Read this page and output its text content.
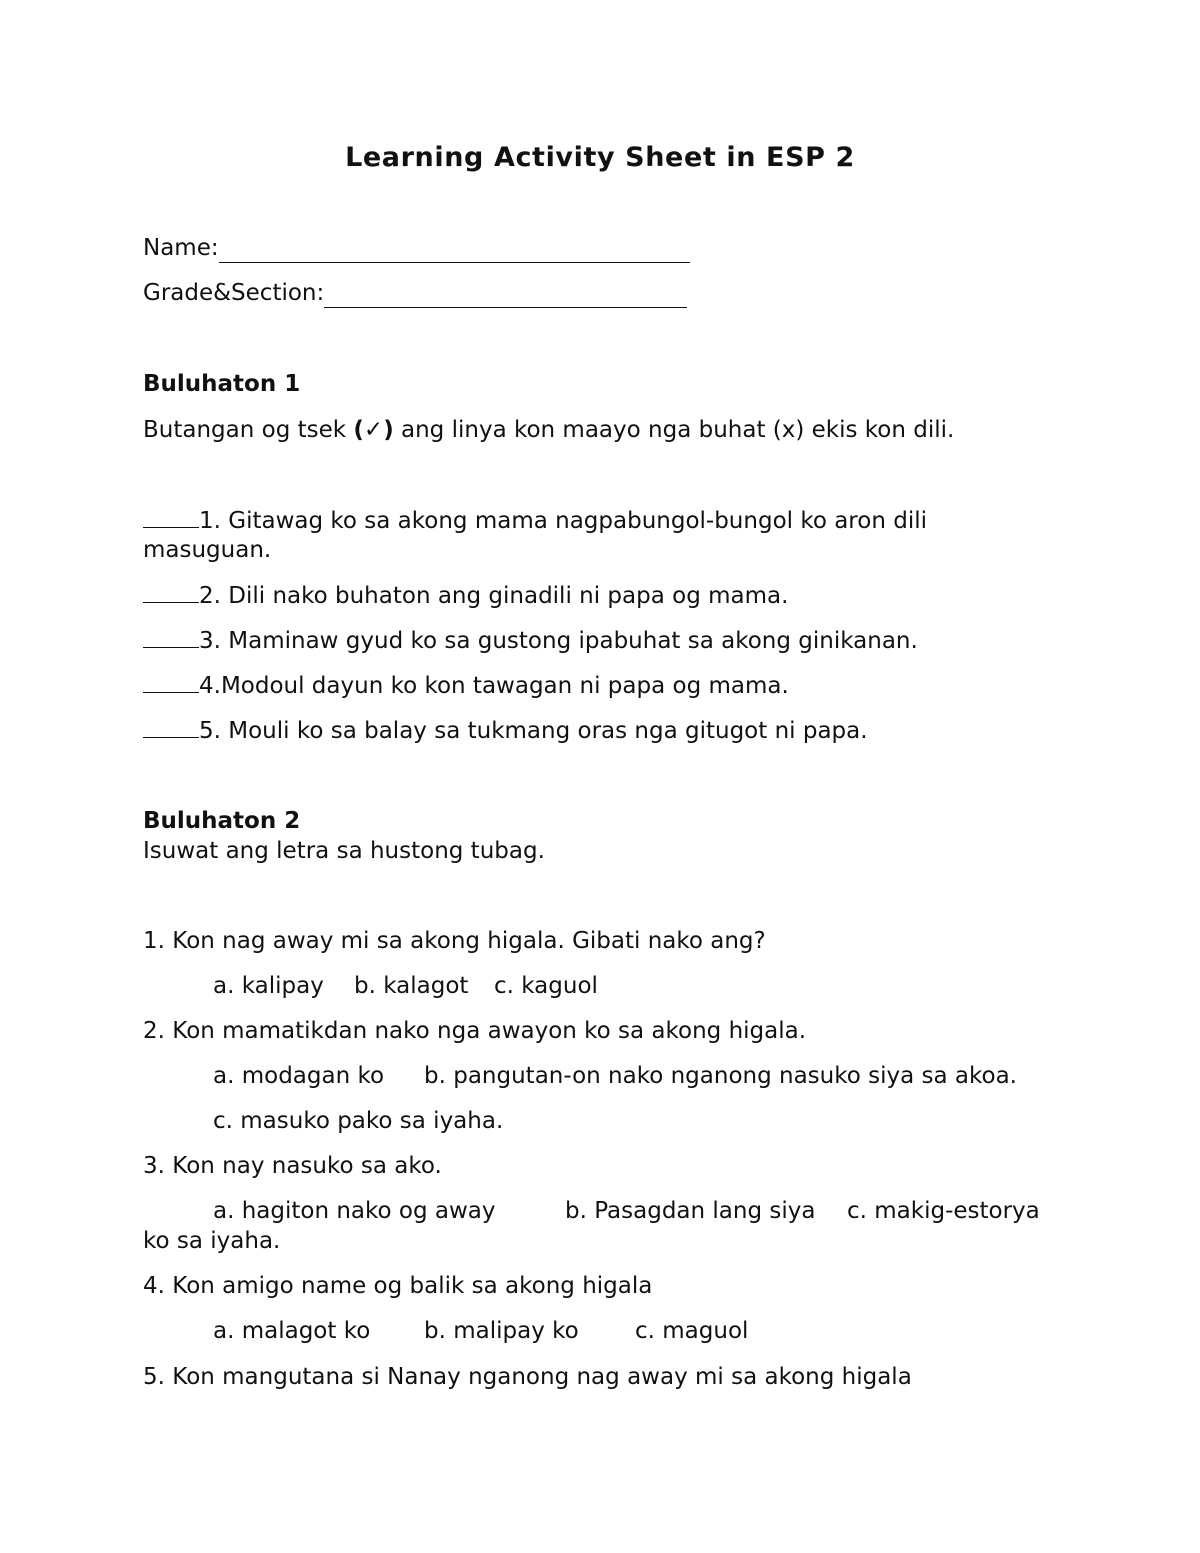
Learning Activity Sheet in ESP 2
Name:
Grade&Section:
Buluhaton 1
Butangan og tsek (✓) ang linya kon maayo nga buhat (x) ekis kon dili.
1. Gitawag ko sa akong mama nagpabungol-bungol ko aron dili
masuguan.
2. Dili nako buhaton ang ginadili ni papa og mama.
3. Maminaw gyud ko sa gustong ipabuhat sa akong ginikanan.
4.Modoul dayun ko kon tawagan ni papa og mama.
5. Mouli ko sa balay sa tukmang oras nga gitugot ni papa.
Buluhaton 2
Isuwat ang letra sa hustong tubag.
1. Kon nag away mi sa akong higala. Gibati nako ang?
a. kalipay b. kalagot c. kaguol
2. Kon mamatikdan nako nga awayon ko sa akong higala.
a. modagan ko b. pangutan-on nako nganong nasuko siya sa akoa.
c. masuko pako sa iyaha.
3. Kon nay nasuko sa ako.
a. hagiton nako og away	b. Pasagdan lang siya c. makig-estorya
ko sa iyaha.
4. Kon amigo name og balik sa akong higala
a. malagot ko b. malipay ko c. maguol
5. Kon mangutana si Nanay nganong nag away mi sa akong higala
